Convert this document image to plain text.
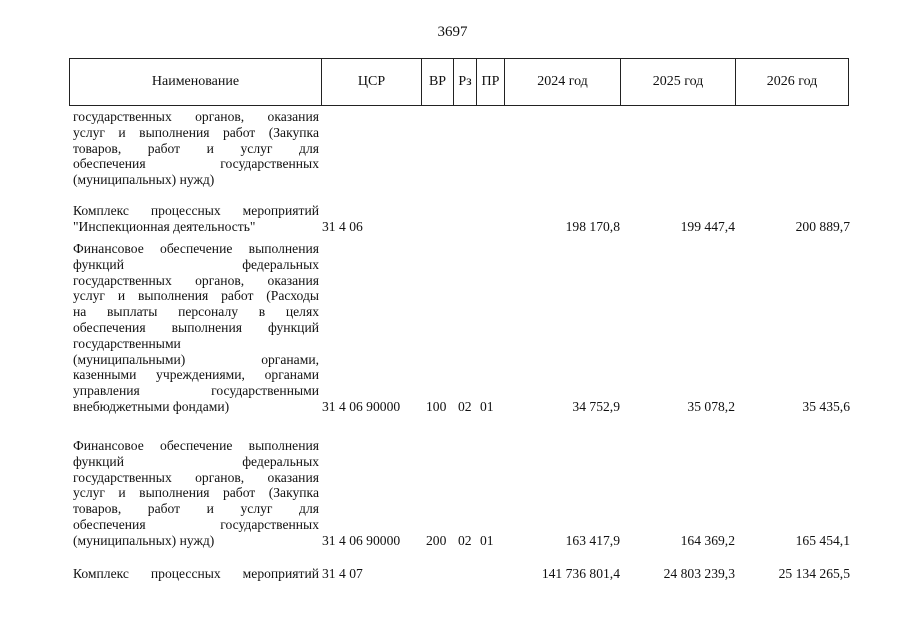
3697
Наименование	ЦСР	ВР Рз ПР	2024 год	2025 год	2026 год
государственных органов, оказания
услуг и выполнения работ (Закупка
товаров, работ и услуг для
обеспечения государственных
(муниципальных) нужд)
Комплекс процессных мероприятий
"Инспекционная деятельность"	31 4 06	198 170,8	199 447,4	200 889,7
Финансовое обеспечение выполнения
функций федеральных
государственных органов, оказания
услуг и выполнения работ (Расходы
на выплаты персоналу в целях
обеспечения выполнения функций
государственными
(муниципальными) органами,
казенными учреждениями, органами
управления государственными
внебюджетными фондами)	31 4 06 90000 100 02 01	34 752,9	35 078,2	35 435,6
Финансовое обеспечение выполнения
функций федеральных
государственных органов, оказания
услуг и выполнения работ (Закупка
товаров, работ и услуг для
обеспечения государственных
(муниципальных) нужд)	31 4 06 90000 200 02 01	163 417,9	164 369,2	165 454,1
Комплекс процессных мероприятий 31 4 07	141 736 801,4	24 803 239,3	25 134 265,5
